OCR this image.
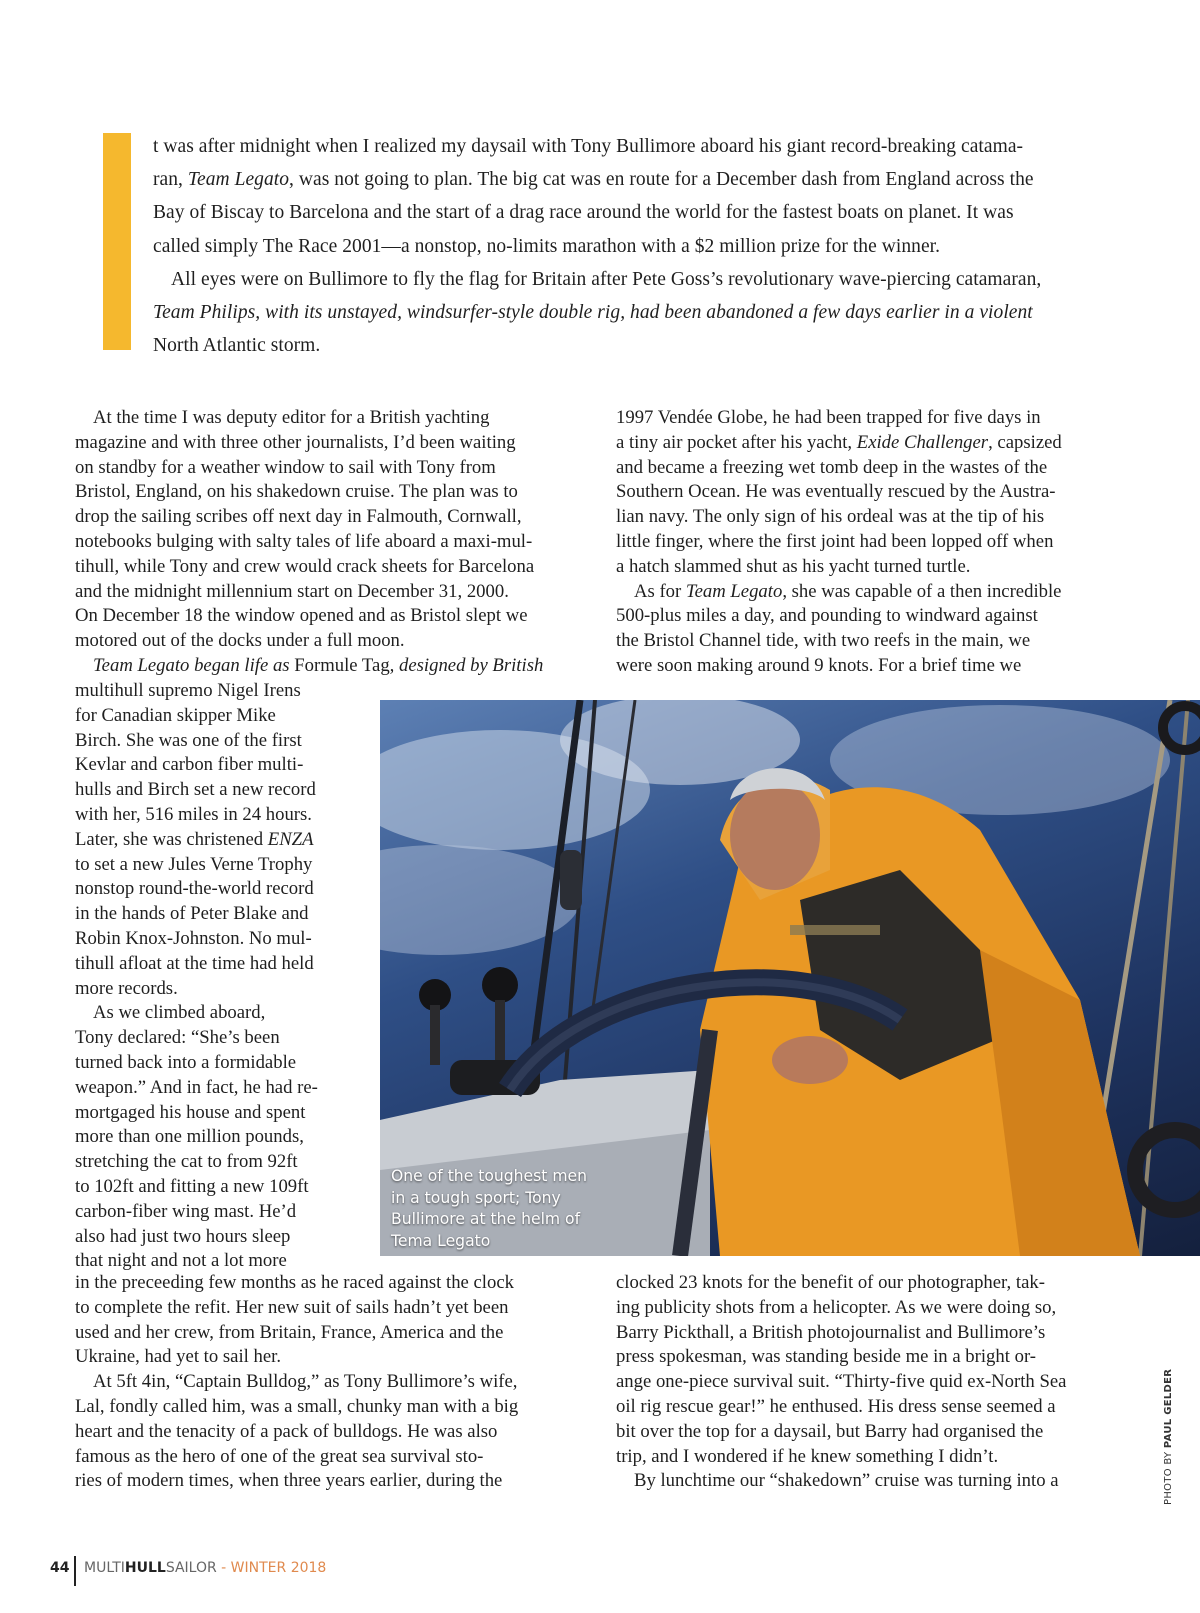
t was after midnight when I realized my daysail with Tony Bullimore aboard his giant record-breaking catama-
ran, Team Legato, was not going to plan. The big cat was en route for a December dash from England across the
Bay of Biscay to Barcelona and the start of a drag race around the world for the fastest boats on planet. It was
called simply The Race 2001—a nonstop, no-limits marathon with a $2 million prize for the winner.
All eyes were on Bullimore to fly the flag for Britain after Pete Goss’s revolutionary wave-piercing catamaran,
Team Philips, with its unstayed, windsurfer-style double rig, had been abandoned a few days earlier in a violent
North Atlantic storm.
At the time I was deputy editor for a British yachting
magazine and with three other journalists, I’d been waiting
on standby for a weather window to sail with Tony from
Bristol, England, on his shakedown cruise. The plan was to
drop the sailing scribes off next day in Falmouth, Cornwall,
notebooks bulging with salty tales of life aboard a maxi-mul-
tihull, while Tony and crew would crack sheets for Barcelona
and the midnight millennium start on December 31, 2000.
On December 18 the window opened and as Bristol slept we
motored out of the docks under a full moon.
Team Legato began life as Formule Tag, designed by British
multihull supremo Nigel Irens
for Canadian skipper Mike
Birch. She was one of the first
Kevlar and carbon fiber multi-
hulls and Birch set a new record
with her, 516 miles in 24 hours.
Later, she was christened ENZA
to set a new Jules Verne Trophy
nonstop round-the-world record
in the hands of Peter Blake and
Robin Knox-Johnston. No mul-
tihull afloat at the time had held
more records.
As we climbed aboard,
Tony declared: “She’s been
turned back into a formidable
weapon.” And in fact, he had re-
mortgaged his house and spent
more than one million pounds,
stretching the cat to from 92ft
to 102ft and fitting a new 109ft
carbon-fiber wing mast. He’d
also had just two hours sleep
that night and not a lot more
in the preceeding few months as he raced against the clock
to complete the refit. Her new suit of sails hadn’t yet been
used and her crew, from Britain, France, America and the
Ukraine, had yet to sail her.
At 5ft 4in, “Captain Bulldog,” as Tony Bullimore’s wife,
Lal, fondly called him, was a small, chunky man with a big
heart and the tenacity of a pack of bulldogs. He was also
famous as the hero of one of the great sea survival sto-
ries of modern times, when three years earlier, during the
1997 Vendée Globe, he had been trapped for five days in
a tiny air pocket after his yacht, Exide Challenger, capsized
and became a freezing wet tomb deep in the wastes of the
Southern Ocean. He was eventually rescued by the Austra-
lian navy. The only sign of his ordeal was at the tip of his
little finger, where the first joint had been lopped off when
a hatch slammed shut as his yacht turned turtle.
As for Team Legato, she was capable of a then incredible
500-plus miles a day, and pounding to windward against
the Bristol Channel tide, with two reefs in the main, we
were soon making around 9 knots. For a brief time we
clocked 23 knots for the benefit of our photographer, tak-
ing publicity shots from a helicopter. As we were doing so,
Barry Pickthall, a British photojournalist and Bullimore’s
press spokesman, was standing beside me in a bright or-
ange one-piece survival suit. “Thirty-five quid ex-North Sea
oil rig rescue gear!” he enthused. His dress sense seemed a
bit over the top for a daysail, but Barry had organised the
trip, and I wondered if he knew something I didn’t.
By lunchtime our “shakedown” cruise was turning into a
One of the toughest men in a tough sport; Tony Bullimore at the helm of Tema Legato
PHOTO BY PAUL GELDER
44 MULTIHULLSAILOR - WINTER 2018
